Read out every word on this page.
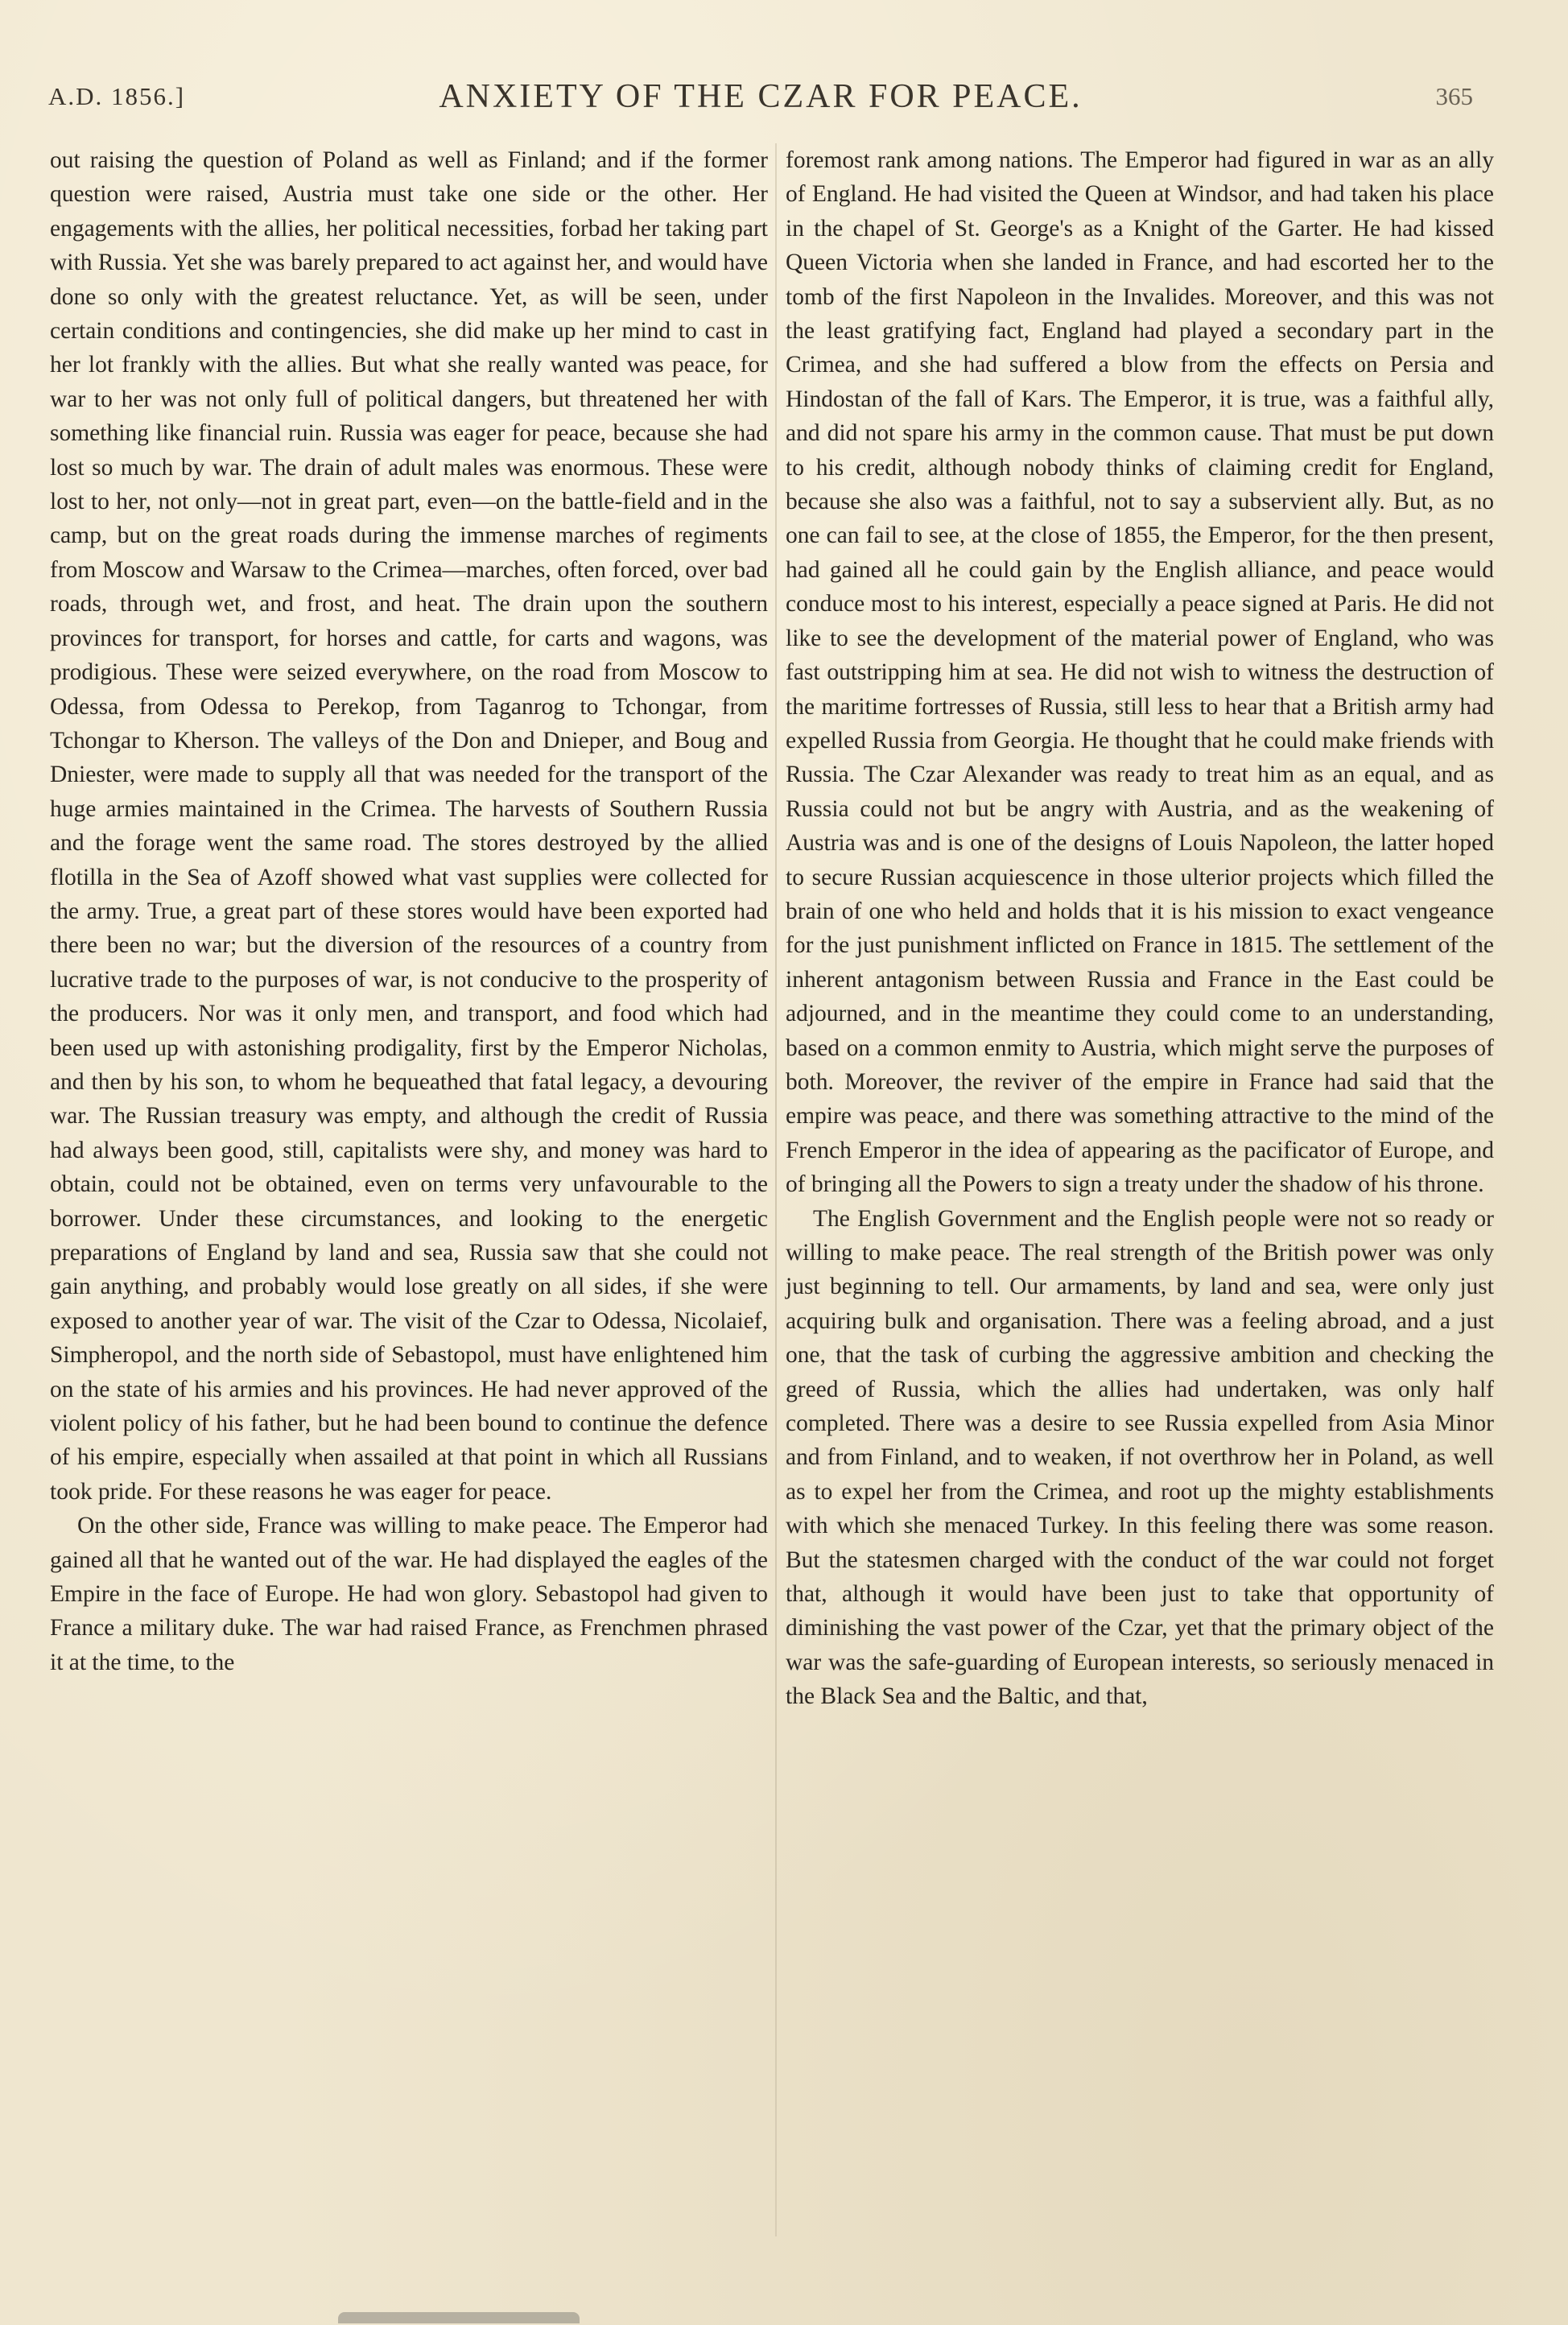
A.D. 1856.]	ANXIETY OF THE CZAR FOR PEACE.	365

out raising the question of Poland as well as Finland; and if the former question were raised, Austria must take one side or the other. Her engagements with the allies, her political necessities, forbad her taking part with Russia. Yet she was barely prepared to act against her, and would have done so only with the greatest reluctance. Yet, as will be seen, under certain conditions and contingencies, she did make up her mind to cast in her lot frankly with the allies. But what she really wanted was peace, for war to her was not only full of political dangers, but threatened her with something like financial ruin. Russia was eager for peace, because she had lost so much by war. The drain of adult males was enormous. These were lost to her, not only—not in great part, even—on the battle-field and in the camp, but on the great roads during the immense marches of regiments from Moscow and Warsaw to the Crimea—marches, often forced, over bad roads, through wet, and frost, and heat. The drain upon the southern provinces for transport, for horses and cattle, for carts and wagons, was prodigious. These were seized everywhere, on the road from Moscow to Odessa, from Odessa to Perekop, from Taganrog to Tchongar, from Tchongar to Kherson. The valleys of the Don and Dnieper, and Boug and Dniester, were made to supply all that was needed for the transport of the huge armies maintained in the Crimea. The harvests of Southern Russia and the forage went the same road. The stores destroyed by the allied flotilla in the Sea of Azoff showed what vast supplies were collected for the army. True, a great part of these stores would have been exported had there been no war; but the diversion of the resources of a country from lucrative trade to the purposes of war, is not conducive to the prosperity of the producers. Nor was it only men, and transport, and food which had been used up with astonishing prodigality, first by the Emperor Nicholas, and then by his son, to whom he bequeathed that fatal legacy, a devouring war. The Russian treasury was empty, and although the credit of Russia had always been good, still, capitalists were shy, and money was hard to obtain, could not be obtained, even on terms very unfavourable to the borrower. Under these circumstances, and looking to the energetic preparations of England by land and sea, Russia saw that she could not gain anything, and probably would lose greatly on all sides, if she were exposed to another year of war. The visit of the Czar to Odessa, Nicolaief, Simpheropol, and the north side of Sebastopol, must have enlightened him on the state of his armies and his provinces. He had never approved of the violent policy of his father, but he had been bound to continue the defence of his empire, especially when assailed at that point in which all Russians took pride. For these reasons he was eager for peace.

On the other side, France was willing to make peace. The Emperor had gained all that he wanted out of the war. He had displayed the eagles of the Empire in the face of Europe. He had won glory. Sebastopol had given to France a military duke. The war had raised France, as Frenchmen phrased it at the time, to the

foremost rank among nations. The Emperor had figured in war as an ally of England. He had visited the Queen at Windsor, and had taken his place in the chapel of St. George's as a Knight of the Garter. He had kissed Queen Victoria when she landed in France, and had escorted her to the tomb of the first Napoleon in the Invalides. Moreover, and this was not the least gratifying fact, England had played a secondary part in the Crimea, and she had suffered a blow from the effects on Persia and Hindostan of the fall of Kars. The Emperor, it is true, was a faithful ally, and did not spare his army in the common cause. That must be put down to his credit, although nobody thinks of claiming credit for England, because she also was a faithful, not to say a subservient ally. But, as no one can fail to see, at the close of 1855, the Emperor, for the then present, had gained all he could gain by the English alliance, and peace would conduce most to his interest, especially a peace signed at Paris. He did not like to see the development of the material power of England, who was fast outstripping him at sea. He did not wish to witness the destruction of the maritime fortresses of Russia, still less to hear that a British army had expelled Russia from Georgia. He thought that he could make friends with Russia. The Czar Alexander was ready to treat him as an equal, and as Russia could not but be angry with Austria, and as the weakening of Austria was and is one of the designs of Louis Napoleon, the latter hoped to secure Russian acquiescence in those ulterior projects which filled the brain of one who held and holds that it is his mission to exact vengeance for the just punishment inflicted on France in 1815. The settlement of the inherent antagonism between Russia and France in the East could be adjourned, and in the meantime they could come to an understanding, based on a common enmity to Austria, which might serve the purposes of both. Moreover, the reviver of the empire in France had said that the empire was peace, and there was something attractive to the mind of the French Emperor in the idea of appearing as the pacificator of Europe, and of bringing all the Powers to sign a treaty under the shadow of his throne.

The English Government and the English people were not so ready or willing to make peace. The real strength of the British power was only just beginning to tell. Our armaments, by land and sea, were only just acquiring bulk and organisation. There was a feeling abroad, and a just one, that the task of curbing the aggressive ambition and checking the greed of Russia, which the allies had undertaken, was only half completed. There was a desire to see Russia expelled from Asia Minor and from Finland, and to weaken, if not overthrow her in Poland, as well as to expel her from the Crimea, and root up the mighty establishments with which she menaced Turkey. In this feeling there was some reason. But the statesmen charged with the conduct of the war could not forget that, although it would have been just to take that opportunity of diminishing the vast power of the Czar, yet that the primary object of the war was the safe-guarding of European interests, so seriously menaced in the Black Sea and the Baltic, and that,
